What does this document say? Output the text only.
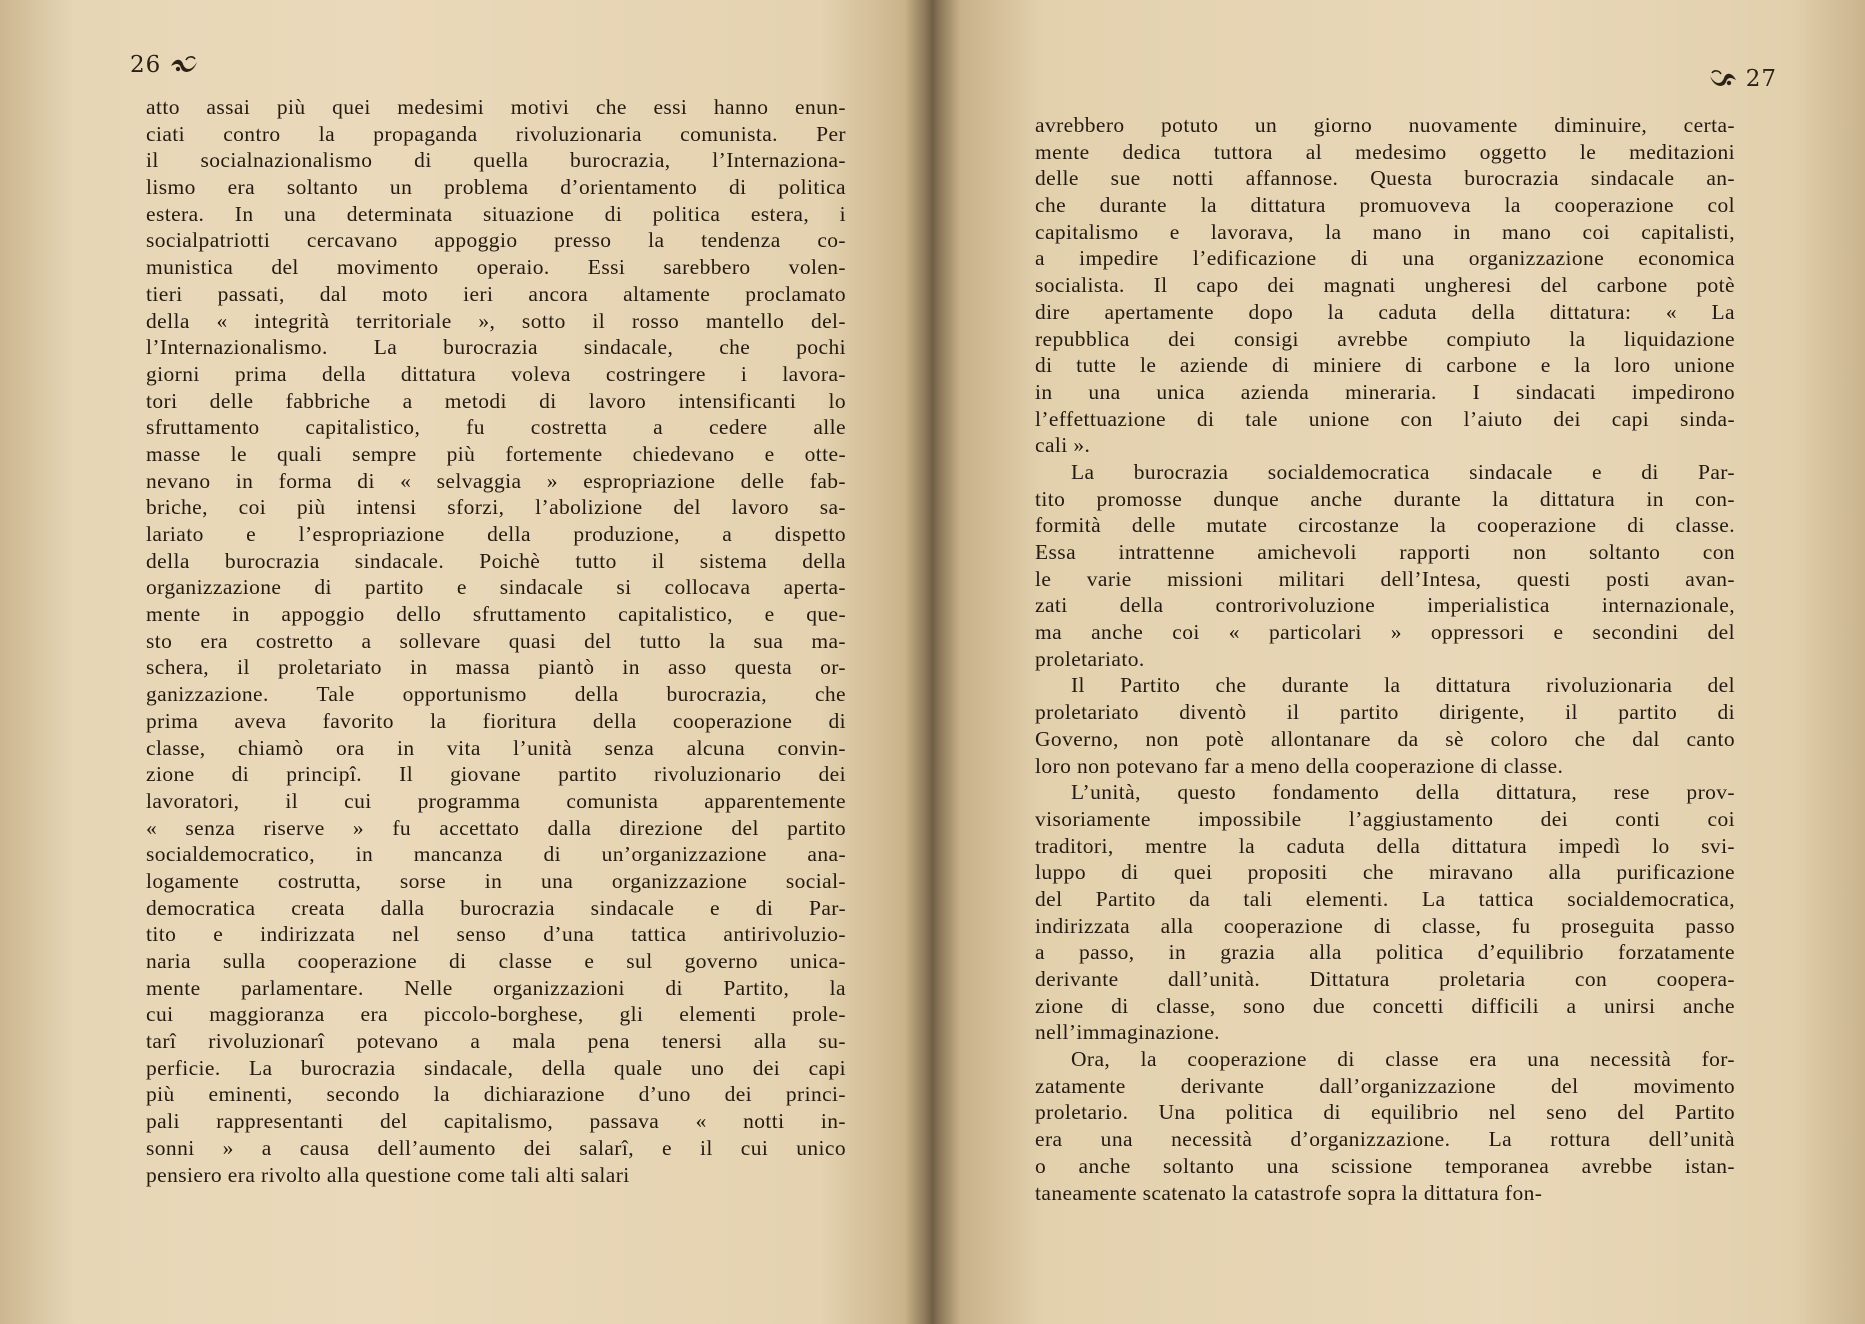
26
atto assai più quei medesimi motivi che essi hanno enun-
ciati contro la propaganda rivoluzionaria comunista. Per
il socialnazionalismo di quella burocrazia, l’Internaziona-
lismo era soltanto un problema d’orientamento di politica
estera. In una determinata situazione di politica estera, i
socialpatriotti cercavano appoggio presso la tendenza co-
munistica del movimento operaio. Essi sarebbero volen-
tieri passati, dal moto ieri ancora altamente proclamato
della « integrità territoriale », sotto il rosso mantello del-
l’Internazionalismo. La burocrazia sindacale, che pochi
giorni prima della dittatura voleva costringere i lavora-
tori delle fabbriche a metodi di lavoro intensificanti lo
sfruttamento capitalistico, fu costretta a cedere alle
masse le quali sempre più fortemente chiedevano e otte-
nevano in forma di « selvaggia » espropriazione delle fab-
briche, coi più intensi sforzi, l’abolizione del lavoro sa-
lariato e l’espropriazione della produzione, a dispetto
della burocrazia sindacale. Poichè tutto il sistema della
organizzazione di partito e sindacale si collocava aperta-
mente in appoggio dello sfruttamento capitalistico, e que-
sto era costretto a sollevare quasi del tutto la sua ma-
schera, il proletariato in massa piantò in asso questa or-
ganizzazione. Tale opportunismo della burocrazia, che
prima aveva favorito la fioritura della cooperazione di
classe, chiamò ora in vita l’unità senza alcuna convin-
zione di principî. Il giovane partito rivoluzionario dei
lavoratori, il cui programma comunista apparentemente
« senza riserve » fu accettato dalla direzione del partito
socialdemocratico, in mancanza di un’organizzazione ana-
logamente costrutta, sorse in una organizzazione social-
democratica creata dalla burocrazia sindacale e di Par-
tito e indirizzata nel senso d’una tattica antirivoluzio-
naria sulla cooperazione di classe e sul governo unica-
mente parlamentare. Nelle organizzazioni di Partito, la
cui maggioranza era piccolo-borghese, gli elementi prole-
tarî rivoluzionarî potevano a mala pena tenersi alla su-
perficie. La burocrazia sindacale, della quale uno dei capi
più eminenti, secondo la dichiarazione d’uno dei princi-
pali rappresentanti del capitalismo, passava « notti in-
sonni » a causa dell’aumento dei salarî, e il cui unico
pensiero era rivolto alla questione come tali alti salari
27
avrebbero potuto un giorno nuovamente diminuire, certa-
mente dedica tuttora al medesimo oggetto le meditazioni
delle sue notti affannose. Questa burocrazia sindacale an-
che durante la dittatura promuoveva la cooperazione col
capitalismo e lavorava, la mano in mano coi capitalisti,
a impedire l’edificazione di una organizzazione economica
socialista. Il capo dei magnati ungheresi del carbone potè
dire apertamente dopo la caduta della dittatura: « La
repubblica dei consigi avrebbe compiuto la liquidazione
di tutte le aziende di miniere di carbone e la loro unione
in una unica azienda mineraria. I sindacati impedirono
l’effettuazione di tale unione con l’aiuto dei capi sinda-
cali ».
La burocrazia socialdemocratica sindacale e di Par-
tito promosse dunque anche durante la dittatura in con-
formità delle mutate circostanze la cooperazione di classe.
Essa intrattenne amichevoli rapporti non soltanto con
le varie missioni militari dell’Intesa, questi posti avan-
zati della controrivoluzione imperialistica internazionale,
ma anche coi « particolari » oppressori e secondini del
proletariato.
Il Partito che durante la dittatura rivoluzionaria del
proletariato diventò il partito dirigente, il partito di
Governo, non potè allontanare da sè coloro che dal canto
loro non potevano far a meno della cooperazione di classe.
L’unità, questo fondamento della dittatura, rese prov-
visoriamente impossibile l’aggiustamento dei conti coi
traditori, mentre la caduta della dittatura impedì lo svi-
luppo di quei propositi che miravano alla purificazione
del Partito da tali elementi. La tattica socialdemocratica,
indirizzata alla cooperazione di classe, fu proseguita passo
a passo, in grazia alla politica d’equilibrio forzatamente
derivante dall’unità. Dittatura proletaria con coopera-
zione di classe, sono due concetti difficili a unirsi anche
nell’immaginazione.
Ora, la cooperazione di classe era una necessità for-
zatamente derivante dall’organizzazione del movimento
proletario. Una politica di equilibrio nel seno del Partito
era una necessità d’organizzazione. La rottura dell’unità
o anche soltanto una scissione temporanea avrebbe istan-
taneamente scatenato la catastrofe sopra la dittatura fon-
